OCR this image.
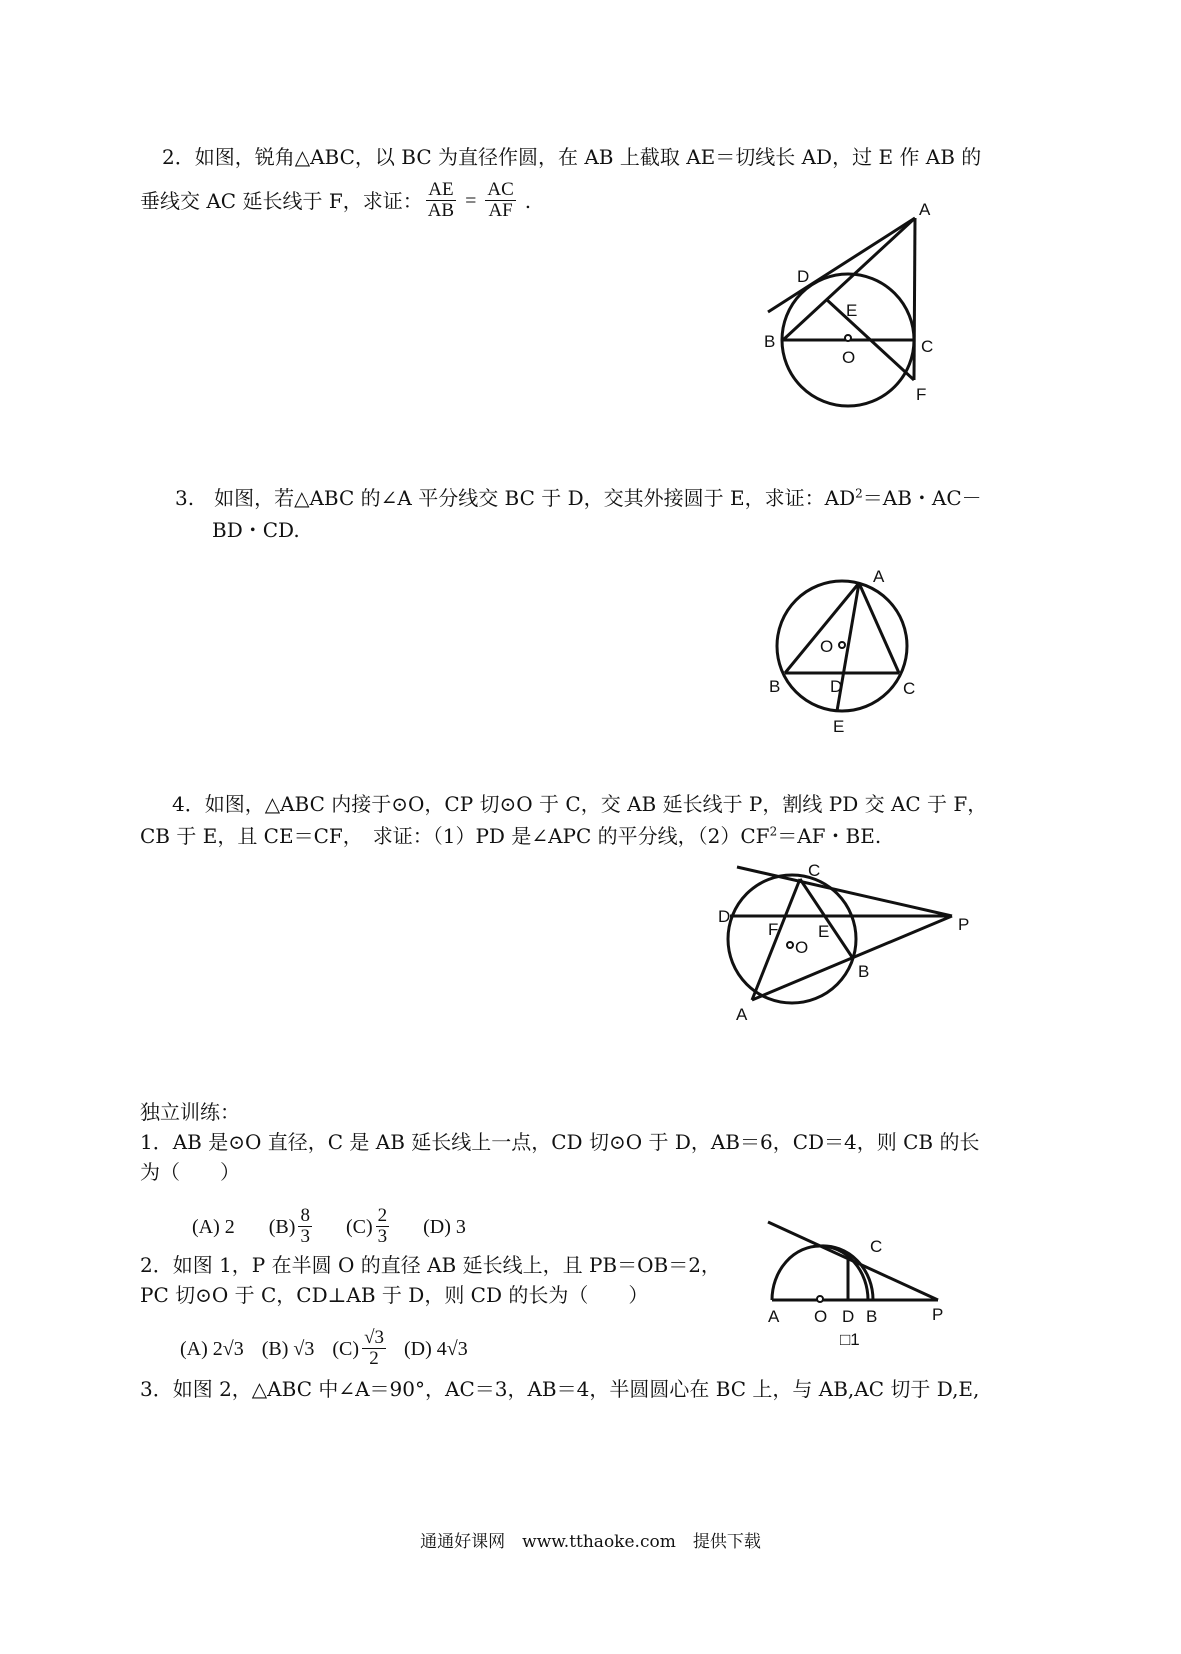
2．如图，锐角△ABC，以 BC 为直径作圆，在 AB 上截取 AE＝切线长 AD，过 E 作 AB 的
垂线交 AC 延长线于 F，求证： $\frac{AE}{AB} = \frac{AC}{AF}$ .	A
D
E
B
O
C
F
3.　如图，若△ABC 的∠A 平分线交 BC 于 D，交其外接圆于 E，求证：$AD^2=AB$・AC－
BD・CD.
A
O
B	D	C
E
4．如图，△ABC 内接于⊙O，CP 切⊙O 于 C，交 AB 延长线于 P，割线 PD 交 AC 于 F，
CB 于 E，且 CE＝CF，　求证：（1）PD 是∠APC 的平分线，$(2)CF^2=AF$・BE.
C
D
F E
O
P
B
A
独立训练：
1．AB 是⊙O 直径，C 是 AB 延长线上一点，CD 切⊙O 于 D，AB＝6，CD＝4，则 CB 的长
为（　　）
(A) 2 $(B) \frac{8}{3} (C) \frac{2}{3} (D)$ 3
2．如图 1，P 在半圆 O 的直径 AB 延长线上，且 PB＝OB＝2，
PC 切⊙O 于 C，CD⊥AB 于 D，则 CD 的长为（　　）
(A) 2√3 (B) √3 $(C) \frac{√3}{2} (D)$ 4√3
C
A O D B	P
□1
3．如图 2，△ABC 中∠A＝90°，AC＝3，AB＝4，半圆圆心在 BC 上，与 AB,AC 切于 D,E,
通通好课网　www.tthaoke.com　提供下载
